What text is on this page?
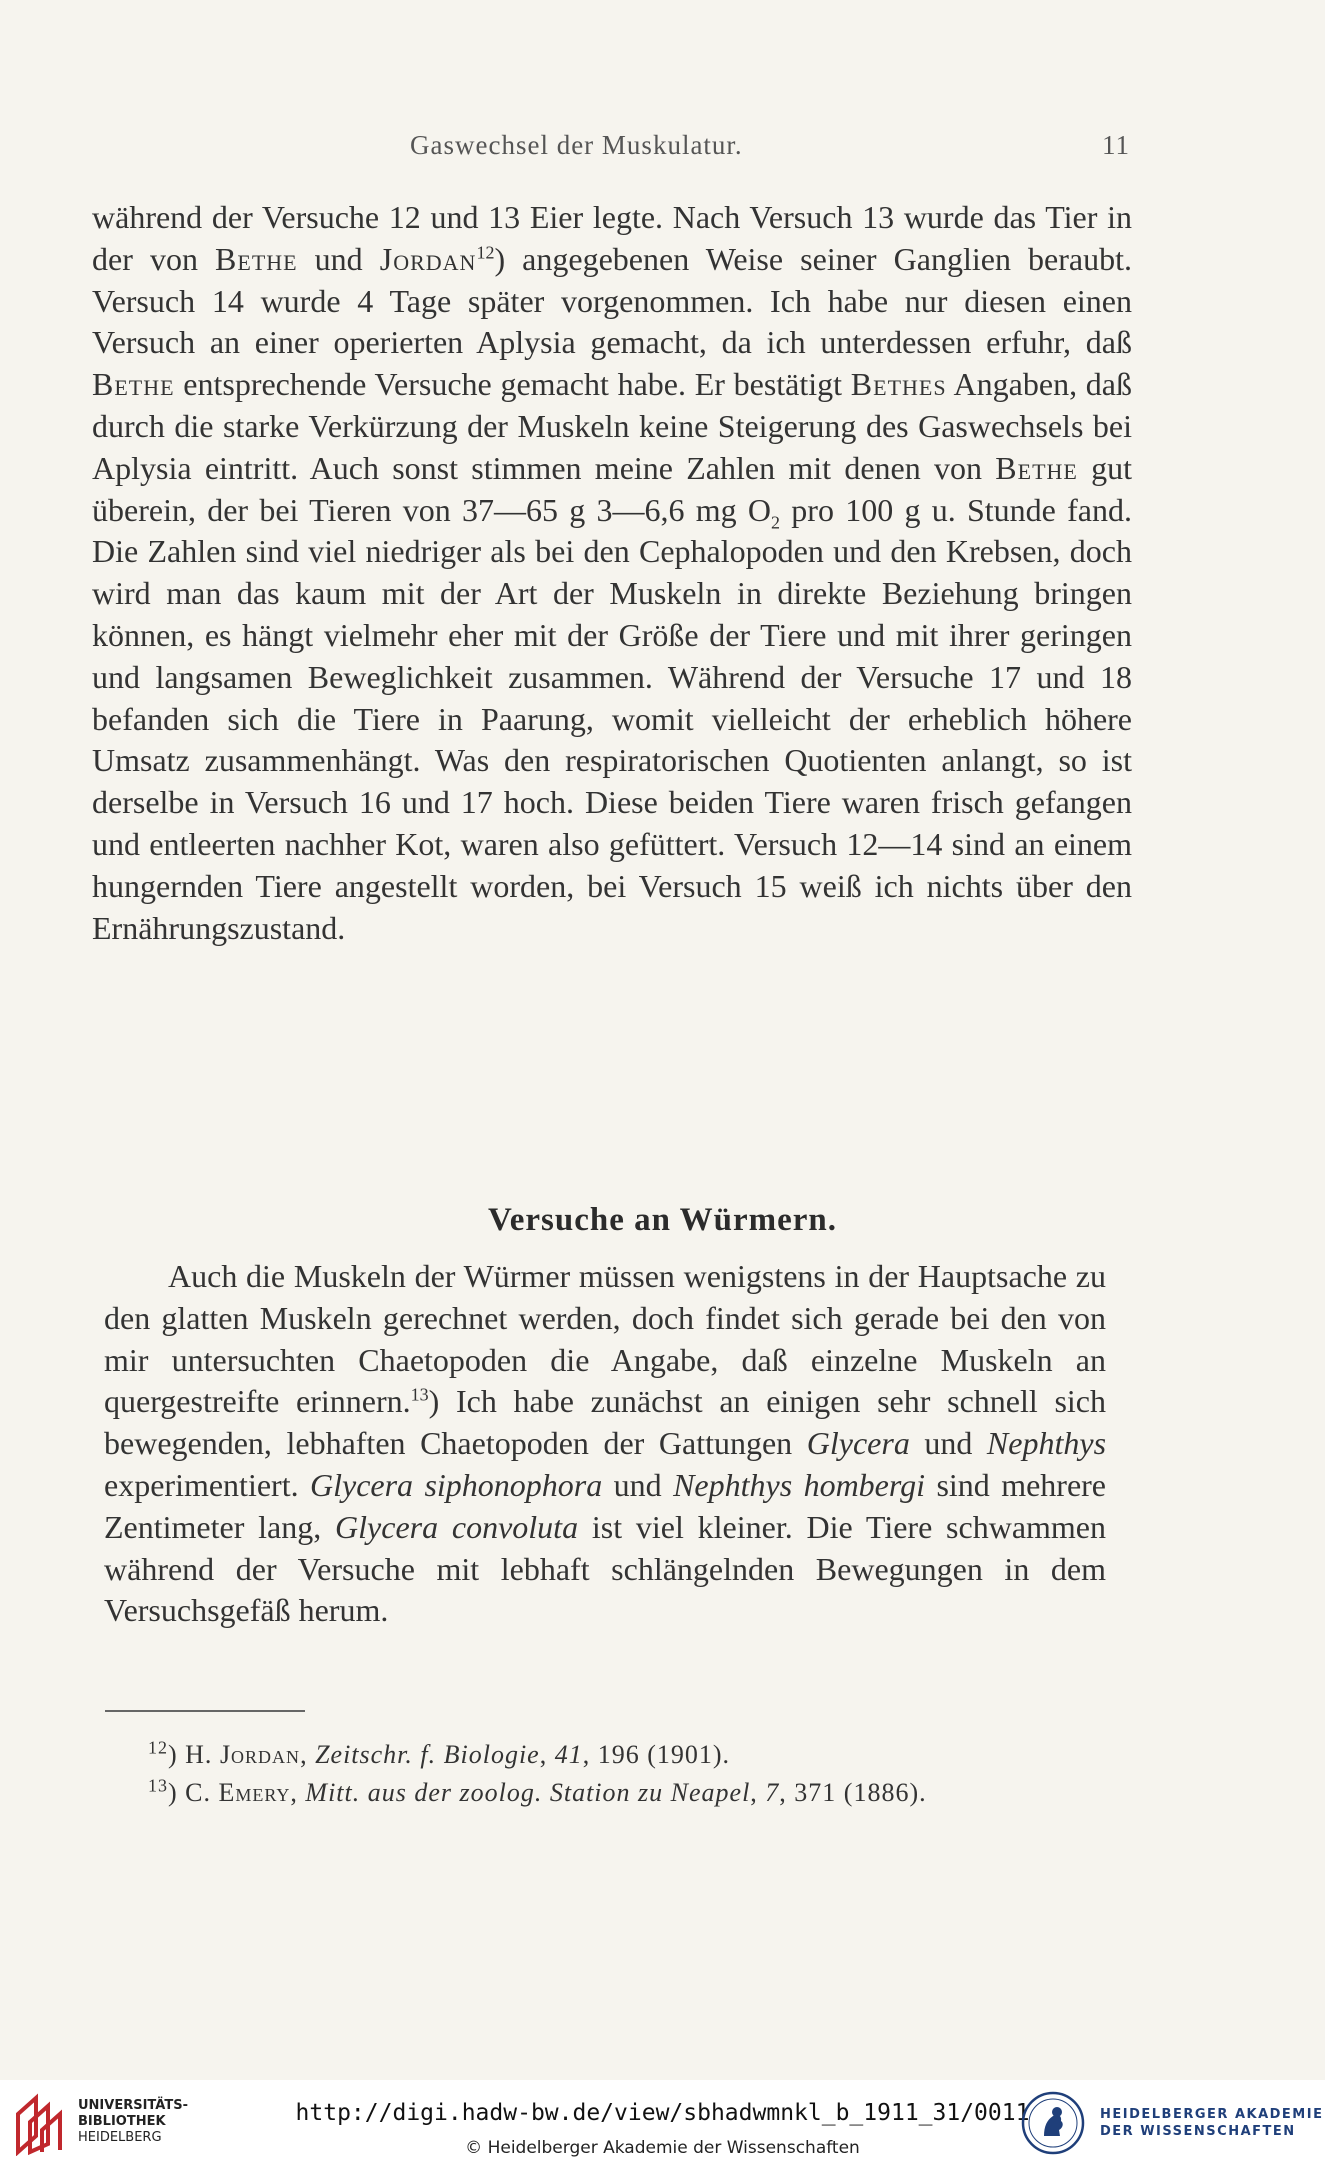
Gaswechsel der Muskulatur.	11
während der Versuche 12 und 13 Eier legte. Nach Versuch 13 wurde das Tier in der von Bethe und Jordan$^{12}$) angegebenen Weise seiner Ganglien beraubt. Versuch 14 wurde 4 Tage später vorgenommen. Ich habe nur diesen einen Versuch an einer operierten Aplysia gemacht, da ich unterdessen erfuhr, daß Bethe entsprechende Versuche gemacht habe. Er bestätigt Bethes Angaben, daß durch die starke Verkürzung der Muskeln keine Steigerung des Gaswechsels bei Aplysia eintritt. Auch sonst stimmen meine Zahlen mit denen von Bethe gut überein, der bei Tieren von 37—65 g 3—6,6 mg $O_2$ pro 100 g u. Stunde fand. Die Zahlen sind viel niedriger als bei den Cephalopoden und den Krebsen, doch wird man das kaum mit der Art der Muskeln in direkte Beziehung bringen können, es hängt vielmehr eher mit der Größe der Tiere und mit ihrer geringen und langsamen Beweglichkeit zusammen. Während der Versuche 17 und 18 befanden sich die Tiere in Paarung, womit vielleicht der erheblich höhere Umsatz zusammenhängt. Was den respiratorischen Quotienten anlangt, so ist derselbe in Versuch 16 und 17 hoch. Diese beiden Tiere waren frisch gefangen und entleerten nachher Kot, waren also gefüttert. Versuch 12—14 sind an einem hungernden Tiere angestellt worden, bei Versuch 15 weiß ich nichts über den Ernährungszustand.
Versuche an Würmern.
Auch die Muskeln der Würmer müssen wenigstens in der Hauptsache zu den glatten Muskeln gerechnet werden, doch findet sich gerade bei den von mir untersuchten Chaetopoden die Angabe, daß einzelne Muskeln an quergestreifte erinnern.$^{13}$) Ich habe zunächst an einigen sehr schnell sich bewegenden, lebhaften Chaetopoden der Gattungen Glycera und Nephthys experimentiert. Glycera siphonophora und Nephthys hombergi sind mehrere Zentimeter lang, Glycera convoluta ist viel kleiner. Die Tiere schwammen während der Versuche mit lebhaft schlängelnden Bewegungen in dem Versuchsgefäß herum.
$^{12}$) H. Jordan, Zeitschr. f. Biologie, 41, 196 (1901).
$^{13}$) C. Emery, Mitt. aus der zoolog. Station zu Neapel, 7, 371 (1886).
UNIVERSITÄTS-
BIBLIOTHEK
HEIDELBERG
http://digi.hadw-bw.de/view/sbhadwmnkl_b_1911_31/0011
© Heidelberger Akademie der Wissenschaften
HEIDELBERGER AKADEMIE
DER WISSENSCHAFTEN
